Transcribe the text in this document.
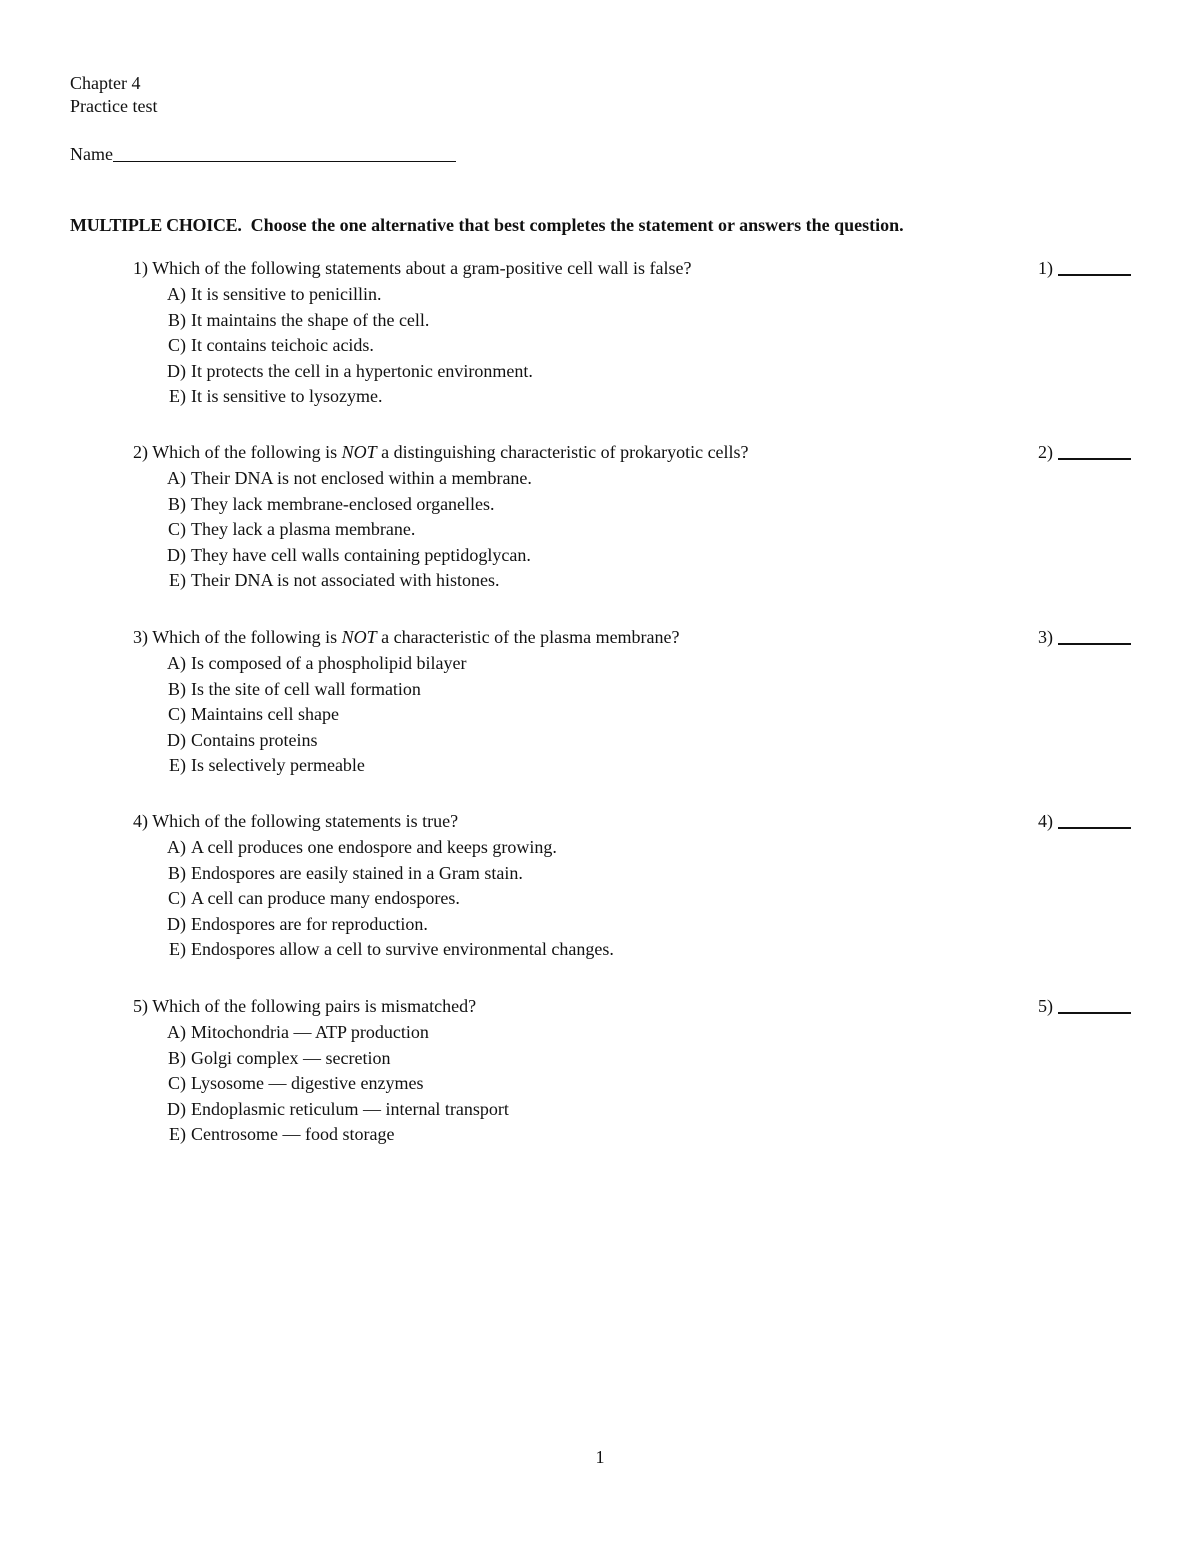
Chapter 4
Practice test
Name
MULTIPLE CHOICE. Choose the one alternative that best completes the statement or answers the question.
1) Which of the following statements about a gram-positive cell wall is false?	1)
A) It is sensitive to penicillin.
B) It maintains the shape of the cell.
C) It contains teichoic acids.
D) It protects the cell in a hypertonic environment.
E) It is sensitive to lysozyme.
2) Which of the following is NOT a distinguishing characteristic of prokaryotic cells?	2)
A) Their DNA is not enclosed within a membrane.
B) They lack membrane-enclosed organelles.
C) They lack a plasma membrane.
D) They have cell walls containing peptidoglycan.
E) Their DNA is not associated with histones.
3) Which of the following is NOT a characteristic of the plasma membrane?	3)
A) Is composed of a phospholipid bilayer
B) Is the site of cell wall formation
C) Maintains cell shape
D) Contains proteins
E) Is selectively permeable
4) Which of the following statements is true?	4)
A) A cell produces one endospore and keeps growing.
B) Endospores are easily stained in a Gram stain.
C) A cell can produce many endospores.
D) Endospores are for reproduction.
E) Endospores allow a cell to survive environmental changes.
5) Which of the following pairs is mismatched?	5)
A) Mitochondria — ATP production
B) Golgi complex — secretion
C) Lysosome — digestive enzymes
D) Endoplasmic reticulum — internal transport
E) Centrosome — food storage
1
